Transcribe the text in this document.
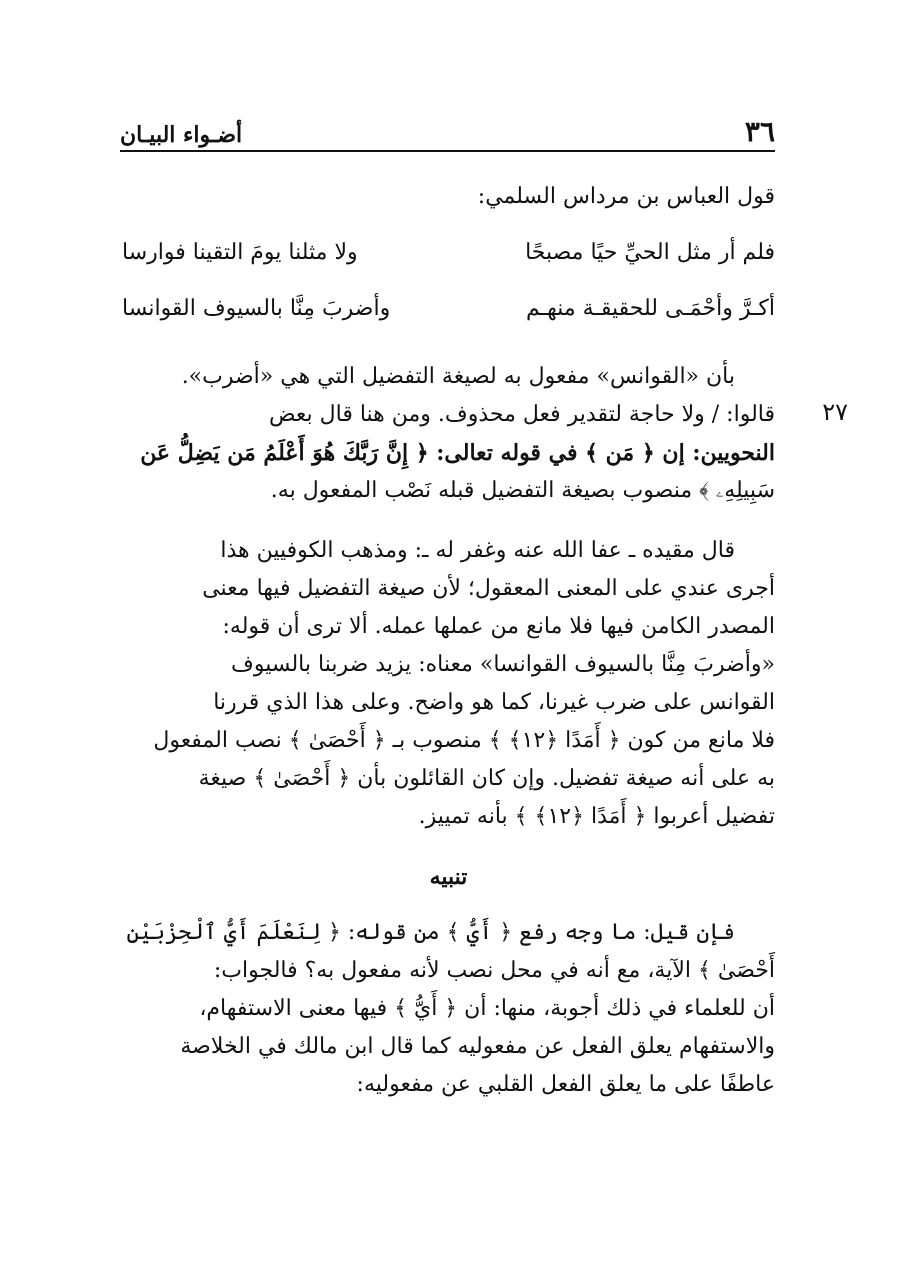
٣٦
أضـواء البيـان
٢٧

قول العباس بن مرداس السلمي:

فلم أر مثل الحيِّ حيًا مصبحًا
ولا مثلنا يومَ التقينا فوارسا
أكـرَّ وأحْمَـى للحقيقـة منهـم
وأضربَ مِنَّا بالسيوف القوانسا

بأن «القوانس» مفعول به لصيغة التفضيل التي هي «أضرب».

قالوا: / ولا حاجة لتقدير فعل محذوف. ومن هنا قال بعض

النحويين: إن ﴿ مَن ﴾ في قوله تعالى: ﴿ إِنَّ رَبَّكَ هُوَ أَعْلَمُ مَن يَضِلُّ عَن

سَبِيلِهِۦ ﴾ منصوب بصيغة التفضيل قبله نَصْب المفعول به.

قال مقيده ـ عفا الله عنه وغفر له ـ: ومذهب الكوفيين هذا

أجرى عندي على المعنى المعقول؛ لأن صيغة التفضيل فيها معنى

المصدر الكامن فيها فلا مانع من عملها عمله. ألا ترى أن قوله:

«وأضربَ مِنَّا بالسيوف القوانسا» معناه: يزيد ضربنا بالسيوف

القوانس على ضرب غيرنا، كما هو واضح. وعلى هذا الذي قررنا

فلا مانع من كون ﴿ أَمَدًا ﴿١٢﴾ ﴾ منصوب بـ ﴿ أَحْصَىٰ ﴾ نصب المفعول

به على أنه صيغة تفضيل. وإن كان القائلون بأن ﴿ أَحْصَىٰ ﴾ صيغة

تفضيل أعربوا ﴿ أَمَدًا ﴿١٢﴾ ﴾ بأنه تمييز.

تنبيه

فإن قيل: ما وجه رفع ﴿ أَيُّ ﴾ من قوله: ﴿ لِنَعْلَمَ أَيُّ ٱلْحِزْبَيْنِ

أَحْصَىٰ ﴾ الآية، مع أنه في محل نصب لأنه مفعول به؟ فالجواب:

أن للعلماء في ذلك أجوبة، منها: أن ﴿ أَيُّ ﴾ فيها معنى الاستفهام،

والاستفهام يعلق الفعل عن مفعوليه كما قال ابن مالك في الخلاصة

عاطفًا على ما يعلق الفعل القلبي عن مفعوليه:
